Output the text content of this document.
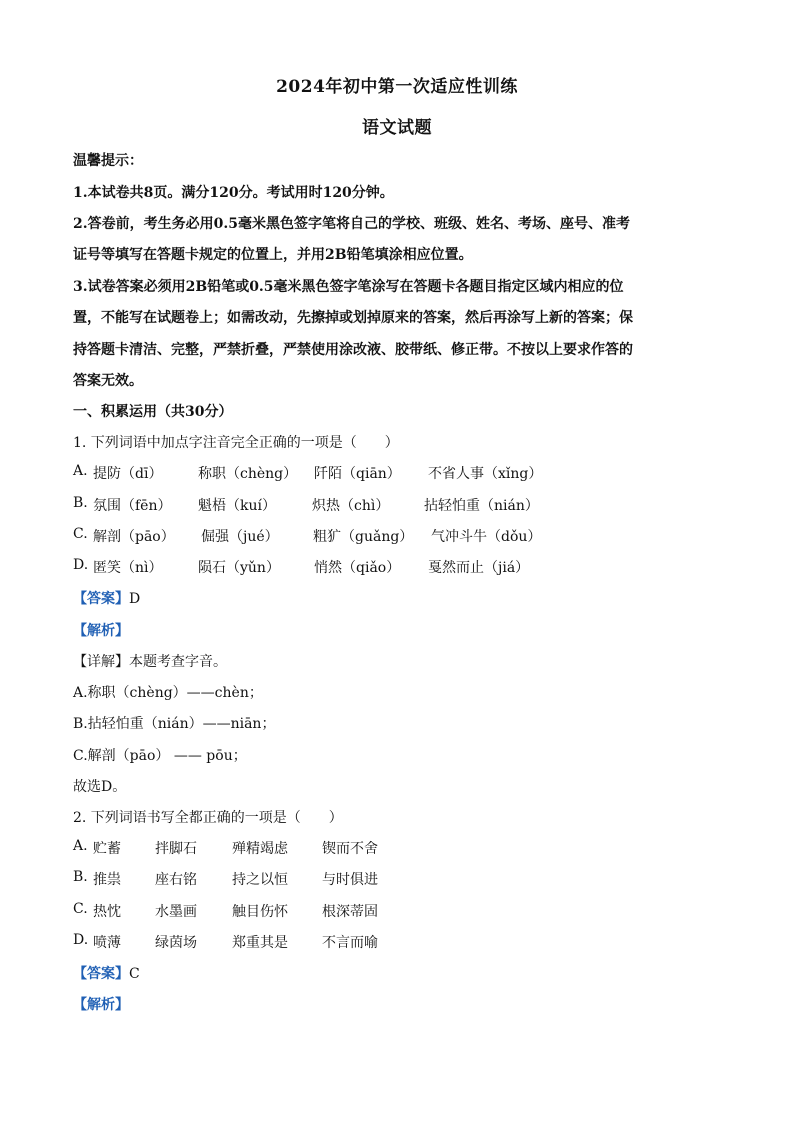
2024年初中第一次适应性训练
语文试题
温馨提示：
1.本试卷共8页。满分120分。考试用时120分钟。
2.答卷前，考生务必用0.5毫米黑色签字笔将自己的学校、班级、姓名、考场、座号、准考
证号等填写在答题卡规定的位置上，并用2B铅笔填涂相应位置。
3.试卷答案必须用2B铅笔或0.5毫米黑色签字笔涂写在答题卡各题目指定区域内相应的位
置，不能写在试题卷上；如需改动，先擦掉或划掉原来的答案，然后再涂写上新的答案；保
持答题卡清洁、完整，严禁折叠，严禁使用涂改液、胶带纸、修正带。不按以上要求作答的
答案无效。
一、积累运用（共30分）
1. 下列词语中加点字注音完全正确的一项是（　　）
A. 提防（dī）	称职（chèng） 阡陌（qiān） 不省人事（xǐng）
B. 氛围（fēn） 魁梧（kuí）	炽热（chì） 拈轻怕重（nián）
C. 解剖（pāo） 倔强（jué） 粗犷（guǎng） 气冲斗牛（dǒu）
D. 匿笑（nì）	陨石（yǔn） 悄然（qiǎo） 戛然而止（jiá）
【答案】D
【解析】
【详解】本题考查字音。
A.称职（chèng）——chèn；
B.拈轻怕重（nián）——niān；
C.解剖（pāo） —— pōu；
故选D。
2. 下列词语书写全都正确的一项是（　　）
A. 贮蓄 拌脚石	殚精竭虑 锲而不舍
B. 推祟 座右铭	持之以恒 与时俱进
C. 热忱 水墨画	触目伤怀 根深蒂固
D. 喷薄 绿茵场	郑重其是 不言而喻
【答案】C
【解析】
